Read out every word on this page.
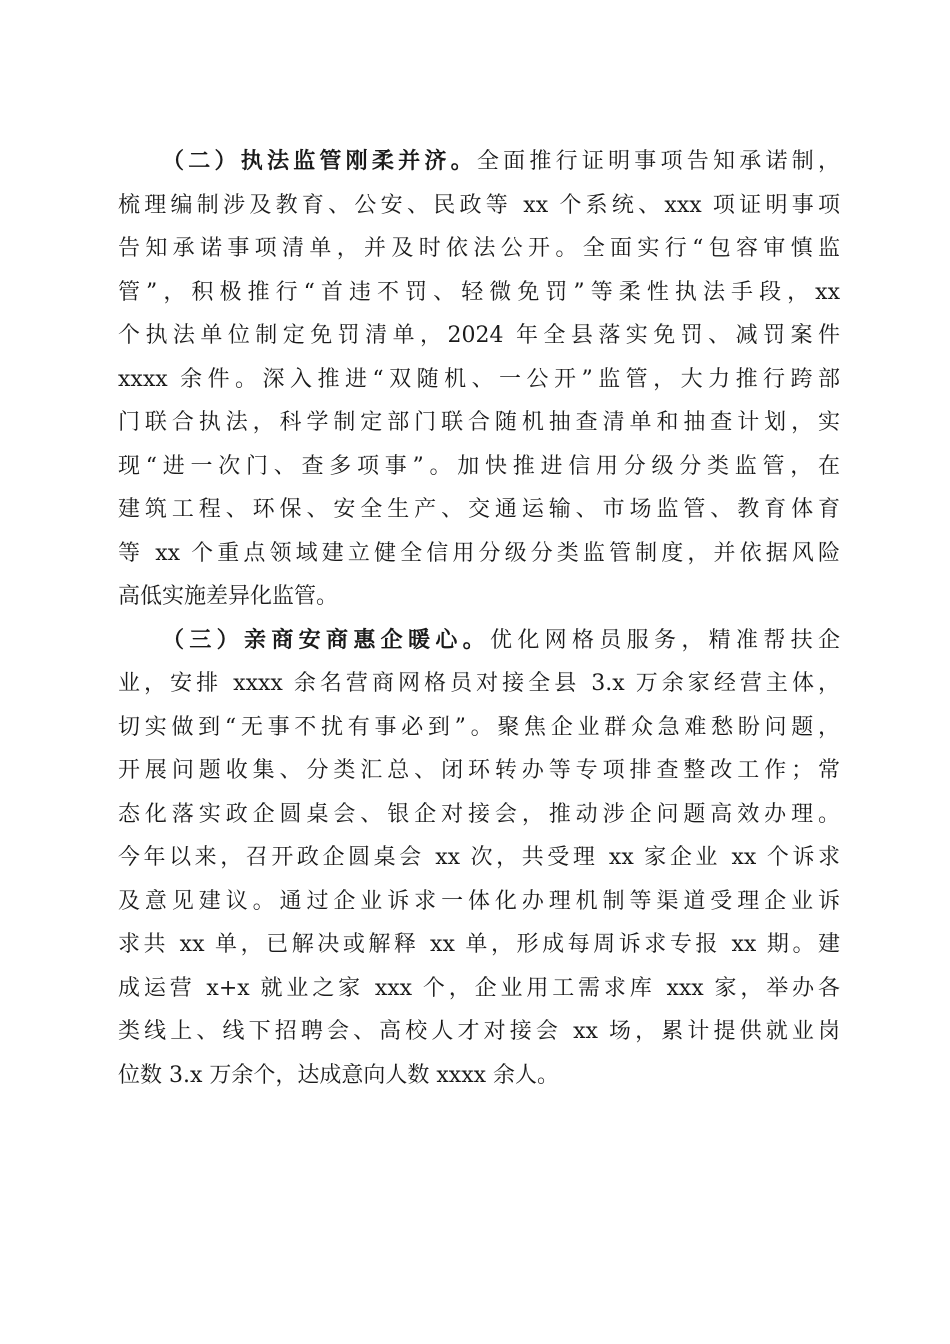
（二）执法监管刚柔并济。全面推行证明事项告知承诺制，
梳理编制涉及教育、公安、民政等 xx 个系统、xxx 项证明事项
告知承诺事项清单，并及时依法公开。全面实行“包容审慎监
管”，积极推行“首违不罚、轻微免罚”等柔性执法手段，xx
个执法单位制定免罚清单，2024 年全县落实免罚、减罚案件
xxxx 余件。深入推进“双随机、一公开”监管，大力推行跨部
门联合执法，科学制定部门联合随机抽查清单和抽查计划，实
现“进一次门、查多项事”。加快推进信用分级分类监管，在
建筑工程、环保、安全生产、交通运输、市场监管、教育体育
等 xx 个重点领域建立健全信用分级分类监管制度，并依据风险
高低实施差异化监管。
（三）亲商安商惠企暖心。优化网格员服务，精准帮扶企
业，安排 xxxx 余名营商网格员对接全县 3.x 万余家经营主体，
切实做到“无事不扰有事必到”。聚焦企业群众急难愁盼问题，
开展问题收集、分类汇总、闭环转办等专项排查整改工作；常
态化落实政企圆桌会、银企对接会，推动涉企问题高效办理。
今年以来，召开政企圆桌会 xx 次，共受理 xx 家企业 xx 个诉求
及意见建议。通过企业诉求一体化办理机制等渠道受理企业诉
求共 xx 单，已解决或解释 xx 单，形成每周诉求专报 xx 期。建
成运营 x+x 就业之家 xxx 个，企业用工需求库 xxx 家，举办各
类线上、线下招聘会、高校人才对接会 xx 场，累计提供就业岗
位数 3.x 万余个，达成意向人数 xxxx 余人。
